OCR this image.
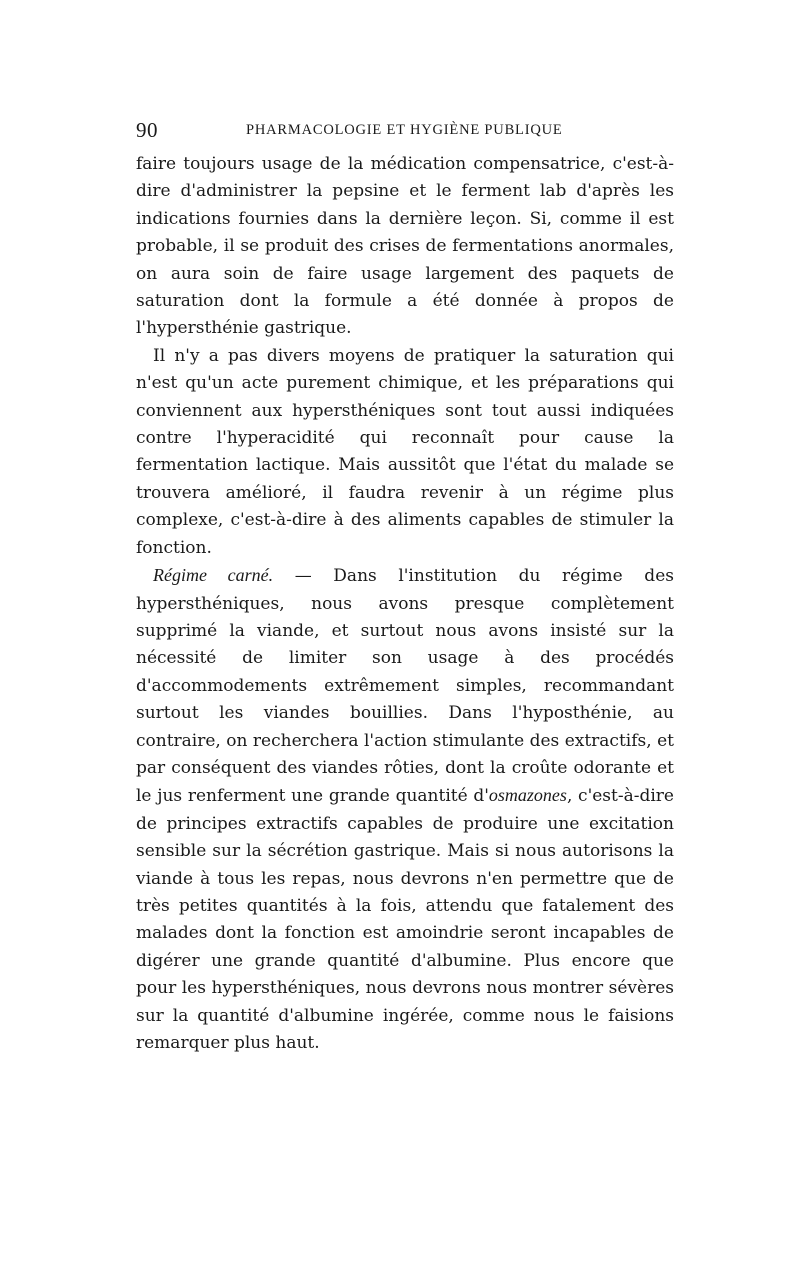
90	PHARMACOLOGIE ET HYGIÈNE PUBLIQUE

faire toujours usage de la médication compensatrice, c'est-à-dire d'administrer la pepsine et le ferment lab d'après les indications fournies dans la dernière leçon. Si, comme il est probable, il se produit des crises de fermentations anormales, on aura soin de faire usage largement des paquets de saturation dont la formule a été donnée à propos de l'hypersthénie gastrique.

Il n'y a pas divers moyens de pratiquer la saturation qui n'est qu'un acte purement chimique, et les préparations qui conviennent aux hypersthéniques sont tout aussi indiquées contre l'hyperacidité qui reconnaît pour cause la fermentation lactique. Mais aussitôt que l'état du malade se trouvera amélioré, il faudra revenir à un régime plus complexe, c'est-à-dire à des aliments capables de stimuler la fonction.

Régime carné. — Dans l'institution du régime des hypersthéniques, nous avons presque complètement supprimé la viande, et surtout nous avons insisté sur la nécessité de limiter son usage à des procédés d'accommodements extrêmement simples, recommandant surtout les viandes bouillies. Dans l'hyposthénie, au contraire, on recherchera l'action stimulante des extractifs, et par conséquent des viandes rôties, dont la croûte odorante et le jus renferment une grande quantité d'osmazones, c'est-à-dire de principes extractifs capables de produire une excitation sensible sur la sécrétion gastrique. Mais si nous autorisons la viande à tous les repas, nous devrons n'en permettre que de très petites quantités à la fois, attendu que fatalement des malades dont la fonction est amoindrie seront incapables de digérer une grande quantité d'albumine. Plus encore que pour les hypersthéniques, nous devrons nous montrer sévères sur la quantité d'albumine ingérée, comme nous le faisions remarquer plus haut.
